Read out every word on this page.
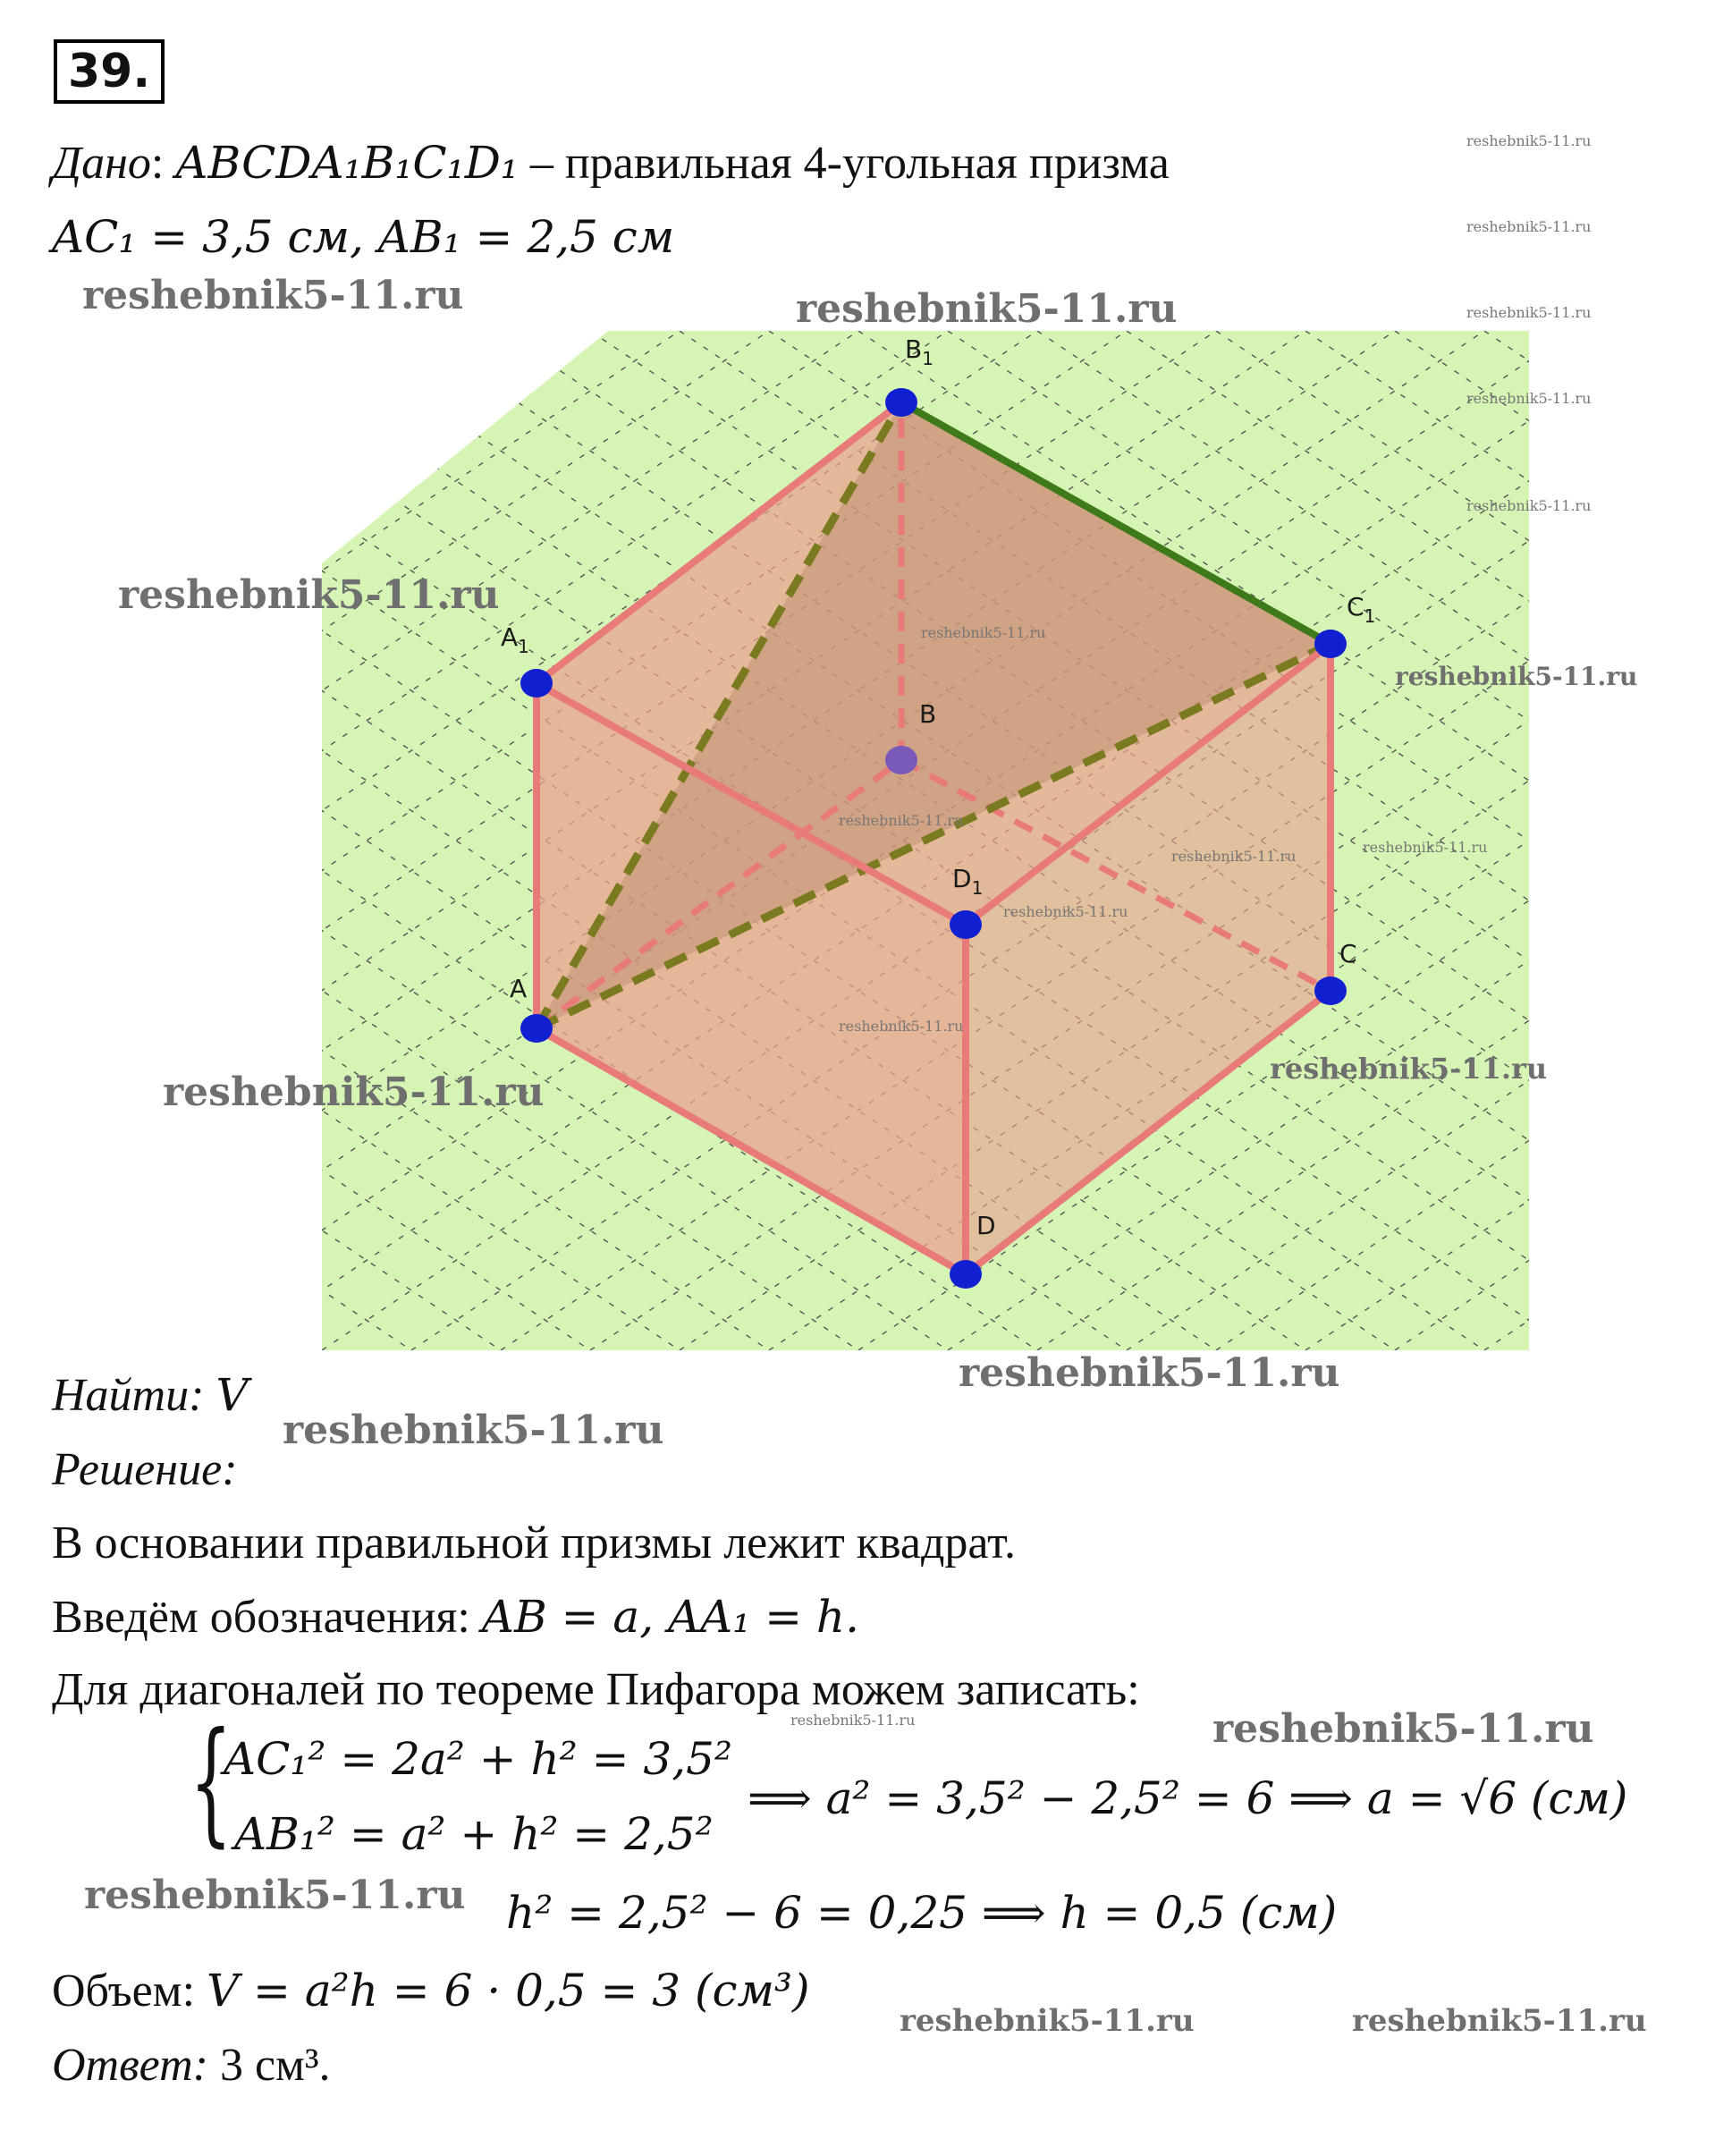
39.
Дано: ABCDA₁B₁C₁D₁ – правильная 4-угольная призма
AC₁ = 3,5 см, AB₁ = 2,5 см
A
B
C
D
$A_1$
$B_1$
$C_1$
$D_1$
Найти: V
Решение:
В основании правильной призмы лежит квадрат.
Введём обозначения: AB = a, AA₁ = h.
Для диагоналей по теореме Пифагора можем записать:
{
AC₁² = 2a² + h² = 3,5²
AB₁² = a² + h² = 2,5²
⟹ a² = 3,5² − 2,5² = 6 ⟹ a = √6 (см)
h² = 2,5² − 6 = 0,25 ⟹ h = 0,5 (см)
Объем: V = a²h = 6 · 0,5 = 3 (см³)
Ответ: 3 см³.
reshebnik5-11.ru	reshebnik5-11.ru
reshebnik5-11.ru
reshebnik5-11.ru
reshebnik5-11.ru
reshebnik5-11.ru
reshebnik5-11.ru
reshebnik5-11.ru
reshebnik5-11.ru	reshebnik5-11.ru
reshebnik5-11.ru
reshebnik5-11.ru
reshebnik5-11.ru
reshebnik5-11.ru
reshebnik5-11.ru
reshebnik5-11.ru
reshebnik5-11.ru
reshebnik5-11.ru
reshebnik5-11.ru
reshebnik5-11.ru
reshebnik5-11.ru
reshebnik5-11.ru
reshebnik5-11.ru
reshebnik5-11.ru
